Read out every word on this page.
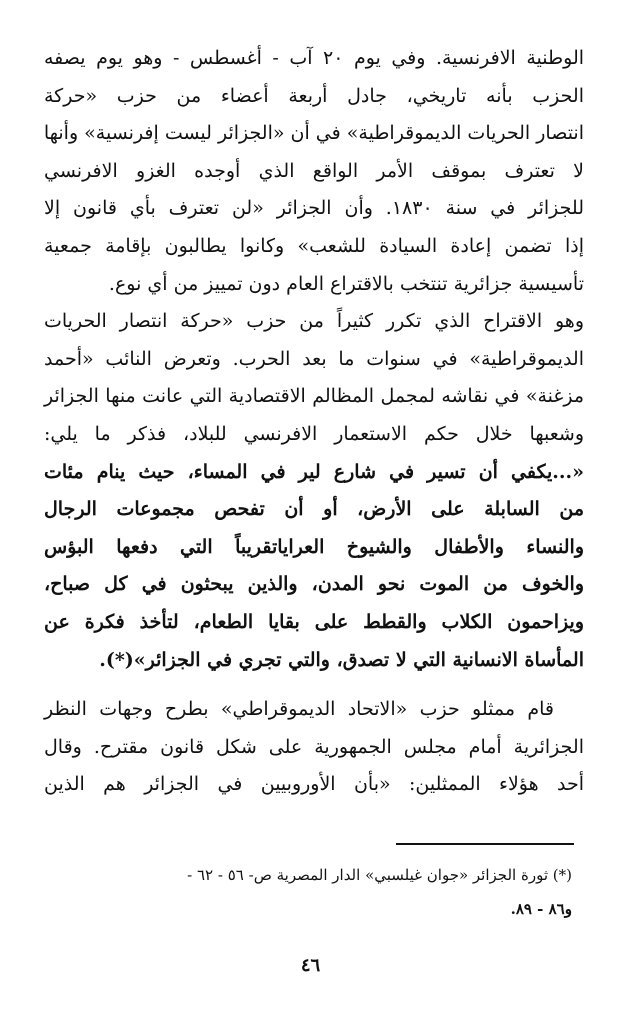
الوطنية الافرنسية. وفي يوم ٢٠ آب - أغسطس - وهو يوم يصفه
الحزب بأنه تاريخي، جادل أربعة أعضاء من حزب «حركة
انتصار الحريات الديموقراطية» في أن «الجزائر ليست إفرنسية» وأنها
لا تعترف بموقف الأمر الواقع الذي أوجده الغزو الافرنسي
للجزائر في سنة ١٨٣٠. وأن الجزائر «لن تعترف بأي قانون إلا
إذا تضمن إعادة السيادة للشعب» وكانوا يطالبون بإقامة جمعية
تأسيسية جزائرية تنتخب بالاقتراع العام دون تمييز من أي نوع.
وهو الاقتراح الذي تكرر كثيراً من حزب «حركة انتصار الحريات
الديموقراطية» في سنوات ما بعد الحرب. وتعرض النائب «أحمد
مزغنة» في نقاشه لمجمل المظالم الاقتصادية التي عانت منها الجزائر
وشعبها خلال حكم الاستعمار الافرنسي للبلاد، فذكر ما يلي:
«...يكفي أن تسير في شارع لير في المساء، حيث ينام مئات
من السابلة على الأرض، أو أن تفحص مجموعات الرجال
والنساء والأطفال والشيوخ العراياتقريباً التي دفعها البؤس
والخوف من الموت نحو المدن، والذين يبحثون في كل صباح،
ويزاحمون الكلاب والقطط على بقايا الطعام، لتأخذ فكرة عن
المأساة الانسانية التي لا تصدق، والتي تجري في الجزائر»(*).
قام ممثلو حزب «الاتحاد الديموقراطي» بطرح وجهات النظر
الجزائرية أمام مجلس الجمهورية على شكل قانون مقترح. وقال
أحد هؤلاء الممثلين: «بأن الأوروبيين في الجزائر هم الذين
(*) ثورة الجزائر «جوان غيلسبي» الدار المصرية ص- ٥٦ - ٦٢ -
و٨٦ - ٨٩.
٤٦
